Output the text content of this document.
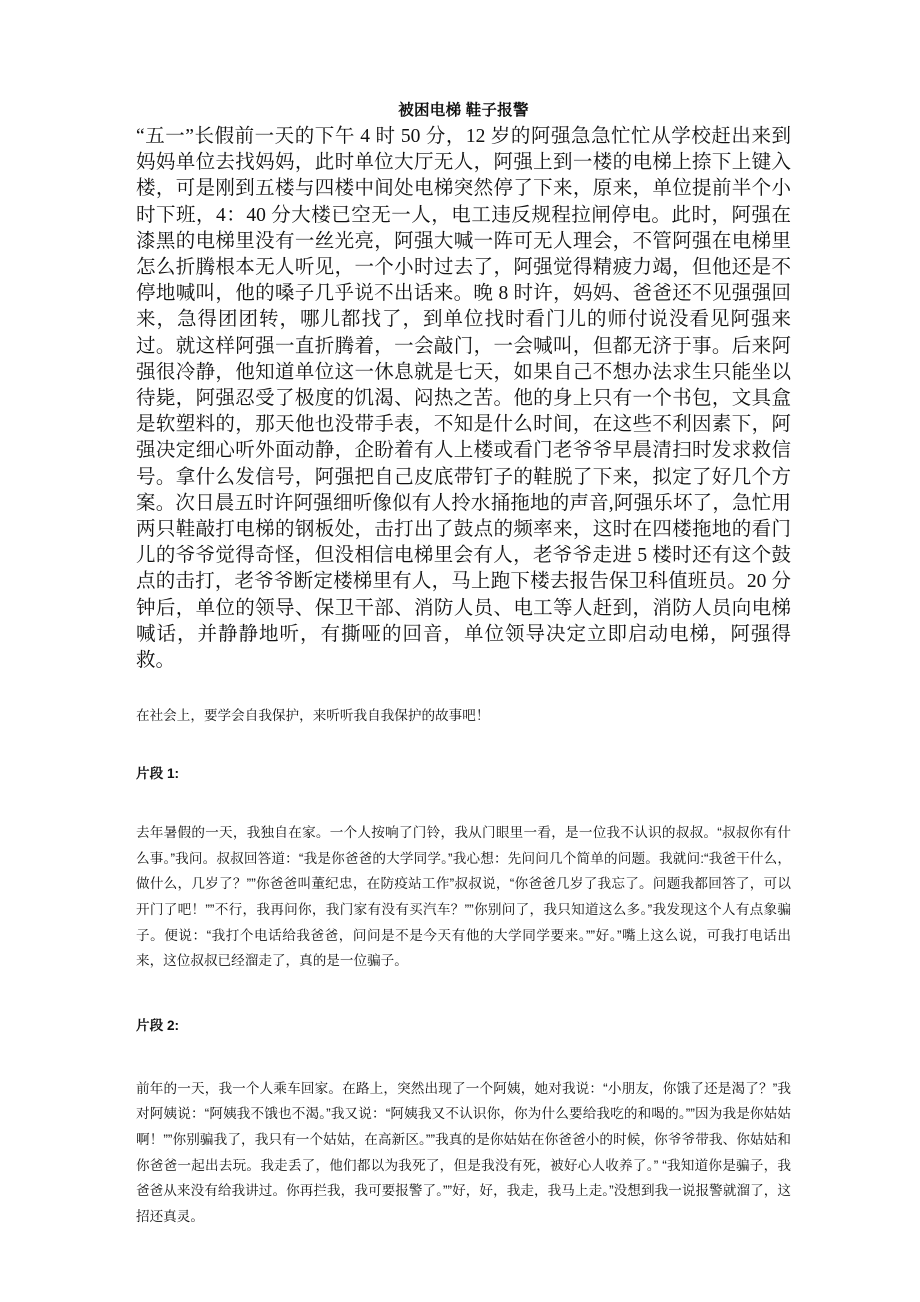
被困电梯 鞋子报警

“五一”长假前一天的下午 4 时 50 分，12 岁的阿强急急忙忙从学校赶出来到妈妈单位去找妈妈，此时单位大厅无人，阿强上到一楼的电梯上捺下上键入楼，可是刚到五楼与四楼中间处电梯突然停了下来，原来，单位提前半个小时下班，4：40 分大楼已空无一人，电工违反规程拉闸停电。此时，阿强在漆黑的电梯里没有一丝光亮，阿强大喊一阵可无人理会，不管阿强在电梯里怎么折腾根本无人听见，一个小时过去了，阿强觉得精疲力竭，但他还是不停地喊叫，他的嗓子几乎说不出话来。晚 8 时许，妈妈、爸爸还不见强强回来，急得团团转，哪儿都找了，到单位找时看门儿的师付说没看见阿强来过。就这样阿强一直折腾着，一会敲门，一会喊叫，但都无济于事。后来阿强很冷静，他知道单位这一休息就是七天，如果自己不想办法求生只能坐以待毙，阿强忍受了极度的饥渴、闷热之苦。他的身上只有一个书包，文具盒是软塑料的，那天他也没带手表，不知是什么时间，在这些不利因素下，阿强决定细心听外面动静，企盼着有人上楼或看门老爷爷早晨清扫时发求救信号。拿什么发信号，阿强把自己皮底带钉子的鞋脱了下来，拟定了好几个方案。次日晨五时许阿强细听像似有人拎水捅拖地的声音,阿强乐坏了，急忙用两只鞋敲打电梯的钢板处，击打出了鼓点的频率来，这时在四楼拖地的看门儿的爷爷觉得奇怪，但没相信电梯里会有人，老爷爷走进 5 楼时还有这个鼓点的击打，老爷爷断定楼梯里有人，马上跑下楼去报告保卫科值班员。20 分钟后，单位的领导、保卫干部、消防人员、电工等人赶到，消防人员向电梯喊话，并静静地听，有撕哑的回音，单位领导决定立即启动电梯，阿强得救。

在社会上，要学会自我保护，来听听我自我保护的故事吧！

片段 1:

去年暑假的一天，我独自在家。一个人按响了门铃，我从门眼里一看，是一位我不认识的叔叔。“叔叔你有什么事。”我问。叔叔回答道：“我是你爸爸的大学同学。”我心想：先问问几个简单的问题。我就问:“我爸干什么，做什么，几岁了？””你爸爸叫董纪忠，在防疫站工作”叔叔说，“你爸爸几岁了我忘了。问题我都回答了，可以开门了吧！””不行，我再问你，我门家有没有买汽车？””你别问了，我只知道这么多。”我发现这个人有点象骗子。便说：“我打个电话给我爸爸，问问是不是今天有他的大学同学要来。””好。”嘴上这么说，可我打电话出来，这位叔叔已经溜走了，真的是一位骗子。

片段 2:

前年的一天，我一个人乘车回家。在路上，突然出现了一个阿姨，她对我说：“小朋友，你饿了还是渴了？”我对阿姨说：“阿姨我不饿也不渴。”我又说：“阿姨我又不认识你，你为什么要给我吃的和喝的。””因为我是你姑姑啊！””你别骗我了，我只有一个姑姑，在高新区。””我真的是你姑姑在你爸爸小的时候，你爷爷带我、你姑姑和你爸爸一起出去玩。我走丢了，他们都以为我死了，但是我没有死，被好心人收养了。” “我知道你是骗子，我爸爸从来没有给我讲过。你再拦我，我可要报警了。””好，好，我走，我马上走。”没想到我一说报警就溜了，这招还真灵。
